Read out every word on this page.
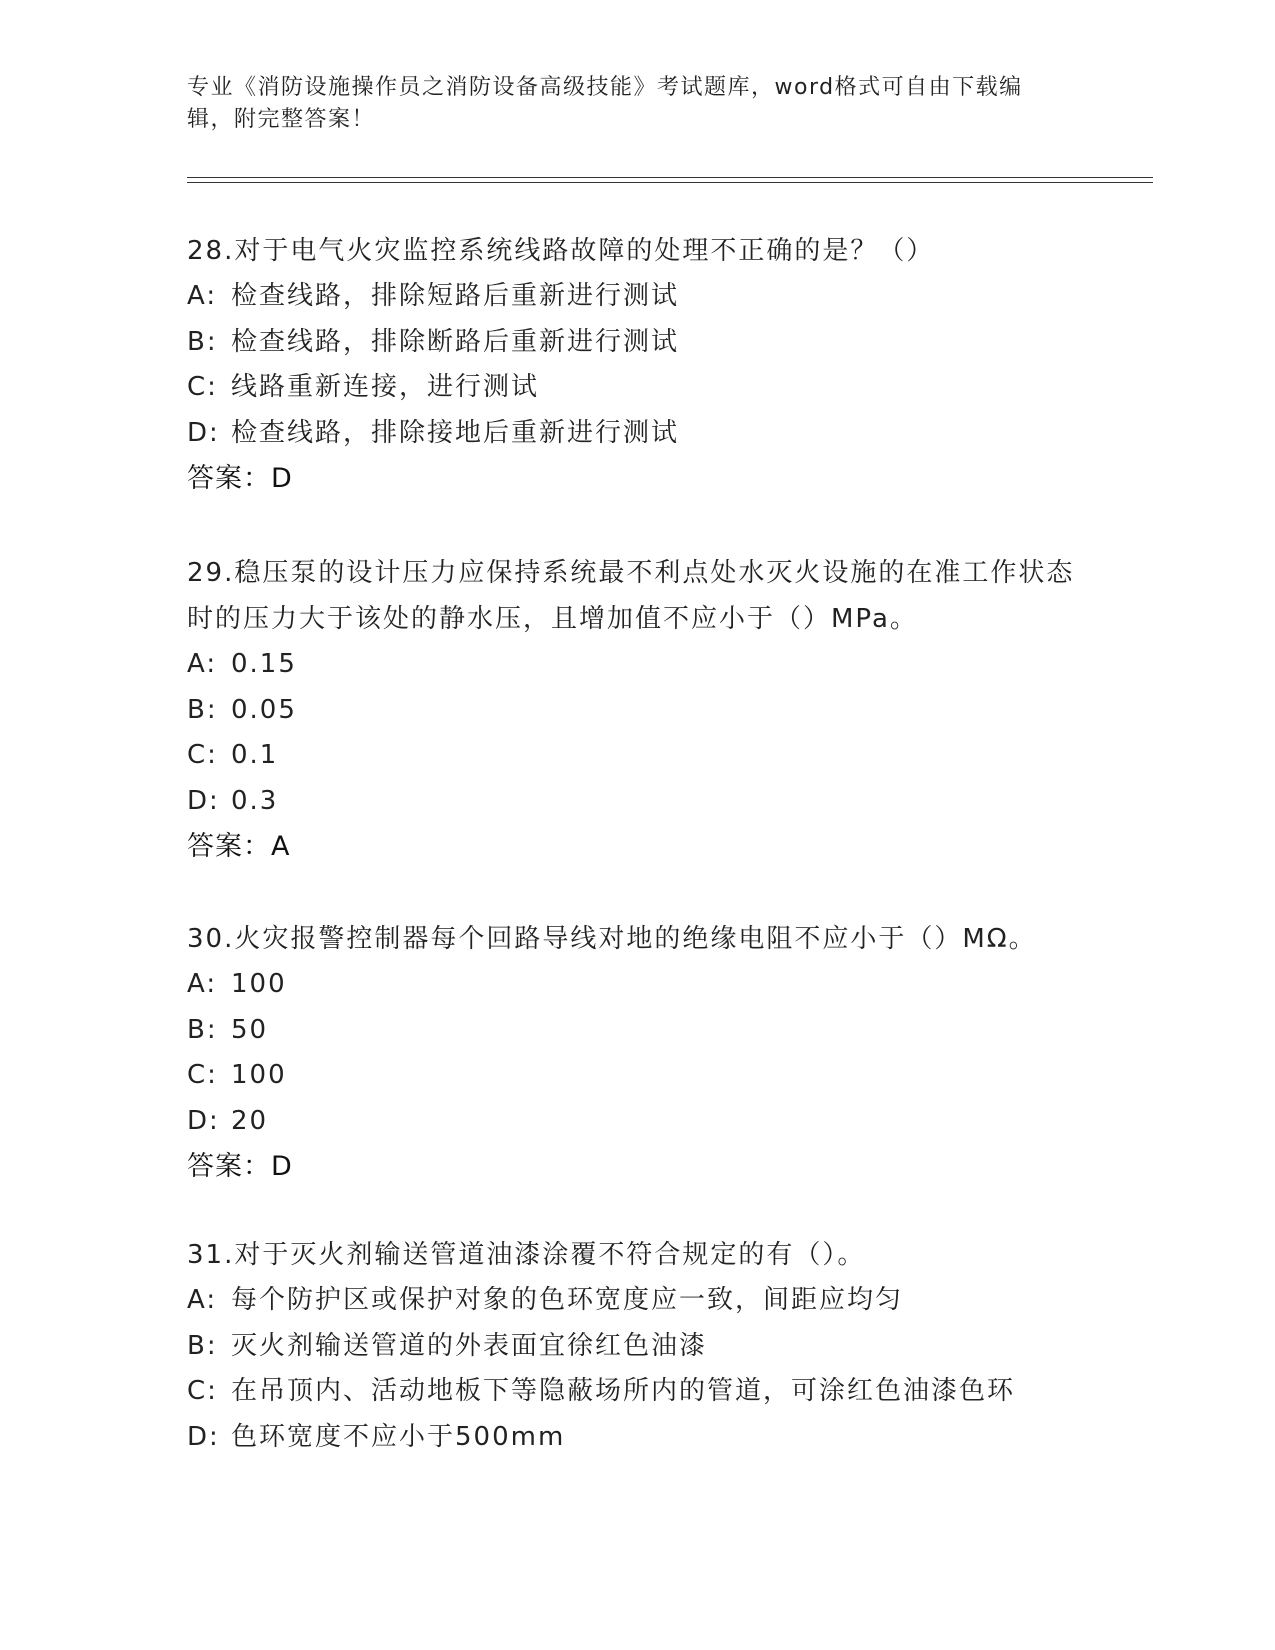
专业《消防设施操作员之消防设备高级技能》考试题库，word格式可自由下载编辑，附完整答案！
28.对于电气火灾监控系统线路故障的处理不正确的是？（）
A: 检查线路，排除短路后重新进行测试
B: 检查线路，排除断路后重新进行测试
C: 线路重新连接，进行测试
D: 检查线路，排除接地后重新进行测试
答案：D
29.稳压泵的设计压力应保持系统最不利点处水灭火设施的在准工作状态时的压力大于该处的静水压，且增加值不应小于（）MPa。
A: 0.15
B: 0.05
C: 0.1
D: 0.3
答案：A
30.火灾报警控制器每个回路导线对地的绝缘电阻不应小于（）MΩ。
A: 100
B: 50
C: 100
D: 20
答案：D
31.对于灭火剂输送管道油漆涂覆不符合规定的有（）。
A: 每个防护区或保护对象的色环宽度应一致，间距应均匀
B: 灭火剂输送管道的外表面宜徐红色油漆
C: 在吊顶内、活动地板下等隐蔽场所内的管道，可涂红色油漆色环
D: 色环宽度不应小于500mm
